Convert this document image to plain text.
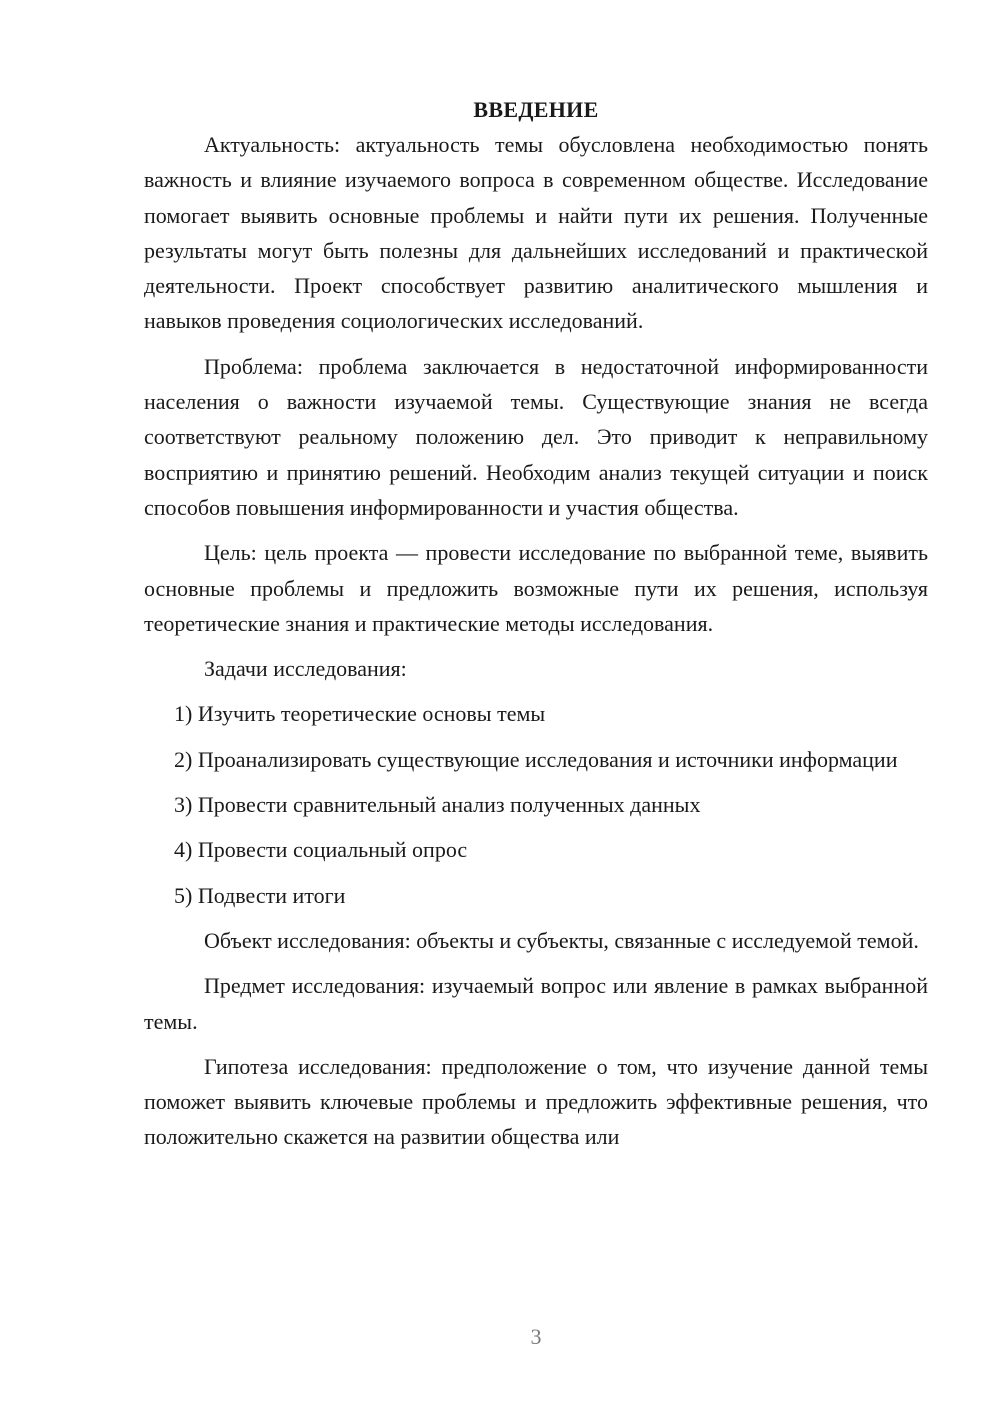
ВВЕДЕНИЕ

Актуальность: актуальность темы обусловлена необходимостью понять важность и влияние изучаемого вопроса в современном обществе. Исследование помогает выявить основные проблемы и найти пути их решения. Полученные результаты могут быть полезны для дальнейших исследований и практической деятельности. Проект способствует развитию аналитического мышления и навыков проведения социологических исследований.

Проблема: проблема заключается в недостаточной информированности населения о важности изучаемой темы. Существующие знания не всегда соответствуют реальному положению дел. Это приводит к неправильному восприятию и принятию решений. Необходим анализ текущей ситуации и поиск способов повышения информированности и участия общества.

Цель: цель проекта — провести исследование по выбранной теме, выявить основные проблемы и предложить возможные пути их решения, используя теоретические знания и практические методы исследования.

Задачи исследования:

1) Изучить теоретические основы темы

2) Проанализировать существующие исследования и источники информации

3) Провести сравнительный анализ полученных данных

4) Провести социальный опрос

5) Подвести итоги

Объект исследования: объекты и субъекты, связанные с исследуемой темой.

Предмет исследования: изучаемый вопрос или явление в рамках выбранной темы.

Гипотеза исследования: предположение о том, что изучение данной темы поможет выявить ключевые проблемы и предложить эффективные решения, что положительно скажется на развитии общества или

3
